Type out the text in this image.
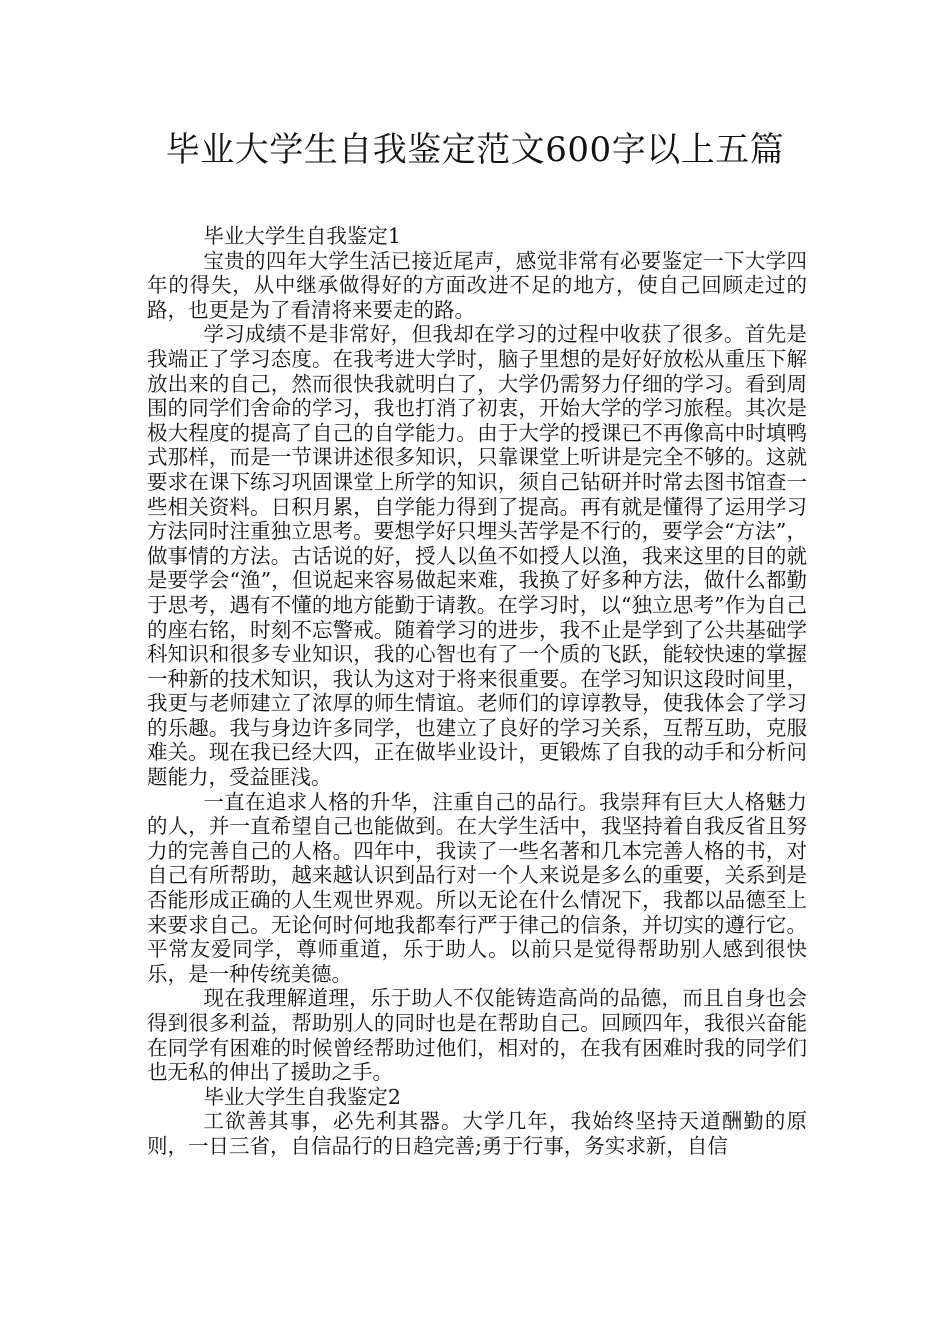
毕业大学生自我鉴定范文600字以上五篇

毕业大学生自我鉴定1

宝贵的四年大学生活已接近尾声，感觉非常有必要鉴定一下大学四年的得失，从中继承做得好的方面改进不足的地方，使自己回顾走过的路，也更是为了看清将来要走的路。

学习成绩不是非常好，但我却在学习的过程中收获了很多。首先是我端正了学习态度。在我考进大学时，脑子里想的是好好放松从重压下解放出来的自己，然而很快我就明白了，大学仍需努力仔细的学习。看到周围的同学们舍命的学习，我也打消了初衷，开始大学的学习旅程。其次是极大程度的提高了自己的自学能力。由于大学的授课已不再像高中时填鸭式那样，而是一节课讲述很多知识，只靠课堂上听讲是完全不够的。这就要求在课下练习巩固课堂上所学的知识，须自己钻研并时常去图书馆查一些相关资料。日积月累，自学能力得到了提高。再有就是懂得了运用学习方法同时注重独立思考。要想学好只埋头苦学是不行的，要学会“方法”，做事情的方法。古话说的好，授人以鱼不如授人以渔，我来这里的目的就是要学会“渔”，但说起来容易做起来难，我换了好多种方法，做什么都勤于思考，遇有不懂的地方能勤于请教。在学习时，以“独立思考”作为自己的座右铭，时刻不忘警戒。随着学习的进步，我不止是学到了公共基础学科知识和很多专业知识，我的心智也有了一个质的飞跃，能较快速的掌握一种新的技术知识，我认为这对于将来很重要。在学习知识这段时间里，我更与老师建立了浓厚的师生情谊。老师们的谆谆教导，使我体会了学习的乐趣。我与身边许多同学，也建立了良好的学习关系，互帮互助，克服难关。现在我已经大四，正在做毕业设计，更锻炼了自我的动手和分析问题能力，受益匪浅。

一直在追求人格的升华，注重自己的品行。我崇拜有巨大人格魅力的人，并一直希望自己也能做到。在大学生活中，我坚持着自我反省且努力的完善自己的人格。四年中，我读了一些名著和几本完善人格的书，对自己有所帮助，越来越认识到品行对一个人来说是多么的重要，关系到是否能形成正确的人生观世界观。所以无论在什么情况下，我都以品德至上来要求自己。无论何时何地我都奉行严于律己的信条，并切实的遵行它。平常友爱同学，尊师重道，乐于助人。以前只是觉得帮助别人感到很快乐，是一种传统美德。

现在我理解道理，乐于助人不仅能铸造高尚的品德，而且自身也会得到很多利益，帮助别人的同时也是在帮助自己。回顾四年，我很兴奋能在同学有困难的时候曾经帮助过他们，相对的，在我有困难时我的同学们也无私的伸出了援助之手。

毕业大学生自我鉴定2

工欲善其事，必先利其器。大学几年，我始终坚持天道酬勤的原则，一日三省，自信品行的日趋完善;勇于行事，务实求新，自信
